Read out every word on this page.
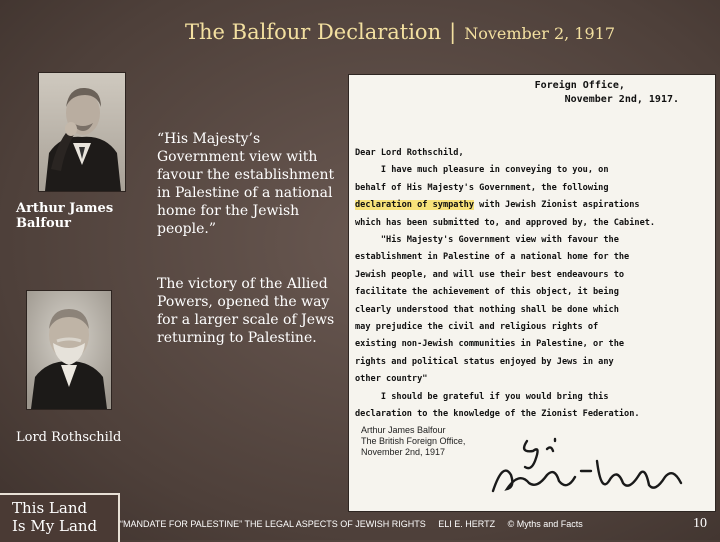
The Balfour Declaration | November 2, 1917
Arthur James Balfour
Lord Rothschild
“His Majesty’s Government view with favour the establishment in Palestine of a national home for the Jewish people.”
The victory of the Allied Powers, opened the way for a larger scale of Jews returning to Palestine.
Foreign Office,
November 2nd, 1917.
Dear Lord Rothschild,
I have much pleasure in conveying to you, on
behalf of His Majesty's Government, the following
declaration of sympathy with Jewish Zionist aspirations
which has been submitted to, and approved by, the Cabinet.
"His Majesty's Government view with favour the
establishment in Palestine of a national home for the
Jewish people, and will use their best endeavours to
facilitate the achievement of this object, it being
clearly understood that nothing shall be done which
may prejudice the civil and religious rights of
existing non-Jewish communities in Palestine, or the
rights and political status enjoyed by Jews in any
other country"
I should be grateful if you would bring this
declaration to the knowledge of the Zionist Federation.
Arthur James Balfour
The British Foreign Office,
November 2nd, 1917
This Land
Is My Land	“MANDATE FOR PALESTINE” THE LEGAL ASPECTS OF JEWISH RIGHTS ELI E. HERTZ © Myths and Facts	10
